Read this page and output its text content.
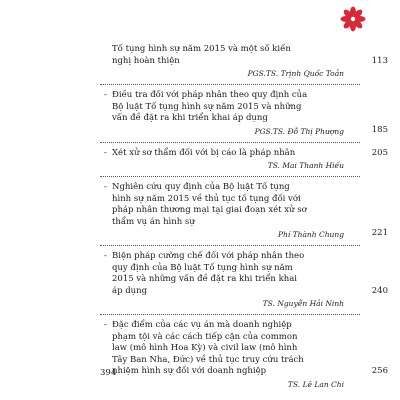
Tố tụng hình sự năm 2015 và một số kiến
nghị hoàn thiện	113
PGS.TS. Trịnh Quốc Toản
- Điều tra đối với pháp nhân theo quy định của
Bộ luật Tố tụng hình sự năm 2015 và những
vấn đề đặt ra khi triển khai áp dụng
185
PGS.TS. Đỗ Thị Phượng
- Xét xử sơ thẩm đối với bị cáo là pháp nhân	205
TS. Mai Thanh Hiếu
- Nghiên cứu quy định của Bộ luật Tố tụng
hình sự năm 2015 về thủ tục tố tụng đối với
pháp nhân thương mại tại giai đoạn xét xử sơ
thẩm vụ án hình sự
221
Phí Thành Chung
- Biện pháp cưỡng chế đối với pháp nhân theo
quy định của Bộ luật Tố tụng hình sự năm
2015 và những vấn đề đặt ra khi triển khai
áp dụng	240
TS. Nguyễn Hải Ninh
- Đặc điểm của các vụ án mà doanh nghiệp
phạm tội và các cách tiếp cận của common
law (mô hình Hoa Kỳ) và civil law (mô hình
Tây Ban Nha, Đức) về thủ tục truy cứu trách
nhiệm hình sự đối với doanh nghiệp	256
TS. Lê Lan Chi
394
